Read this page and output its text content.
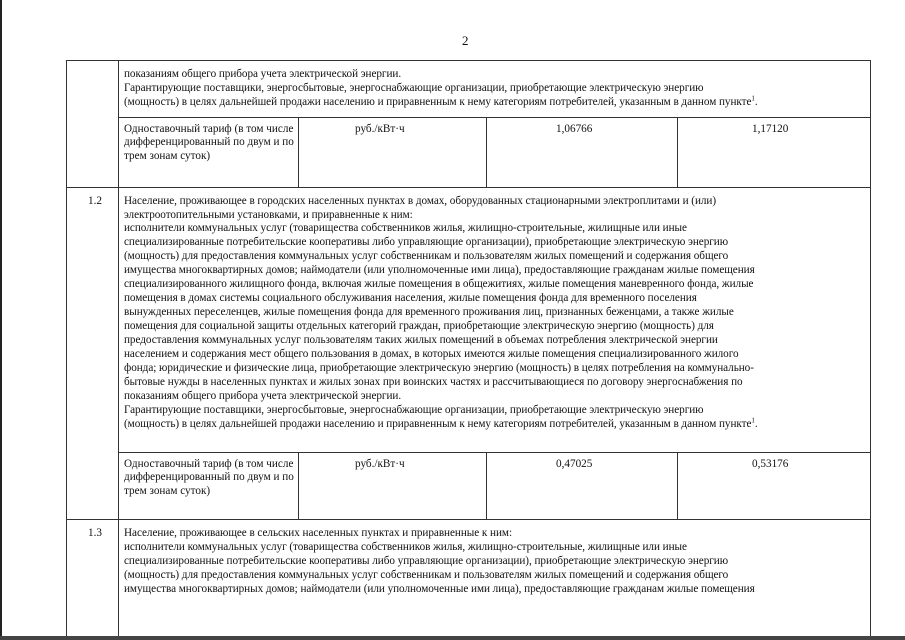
2
показаниям общего прибора учета электрической энергии.
Гарантирующие поставщики, энергосбытовые, энергоснабжающие организации, приобретающие электрическую энергию
(мощность) в целях дальнейшей продажи населению и приравненным к нему категориям потребителей, указанным в данном пункте$^1$.
Одноставочный тариф (в том числе дифференцированный по двум и по трем зонам суток)
руб./кВт·ч	1,06766	1,17120
1.2 Население, проживающее в городских населенных пунктах в домах, оборудованных стационарными электроплитами и (или)
электроотопительными установками, и приравненные к ним:
исполнители коммунальных услуг (товарищества собственников жилья, жилищно-строительные, жилищные или иные
специализированные потребительские кооперативы либо управляющие организации), приобретающие электрическую энергию
(мощность) для предоставления коммунальных услуг собственникам и пользователям жилых помещений и содержания общего
имущества многоквартирных домов; наймодатели (или уполномоченные ими лица), предоставляющие гражданам жилые помещения
специализированного жилищного фонда, включая жилые помещения в общежитиях, жилые помещения маневренного фонда, жилые
помещения в домах системы социального обслуживания населения, жилые помещения фонда для временного поселения
вынужденных переселенцев, жилые помещения фонда для временного проживания лиц, признанных беженцами, а также жилые
помещения для социальной защиты отдельных категорий граждан, приобретающие электрическую энергию (мощность) для
предоставления коммунальных услуг пользователям таких жилых помещений в объемах потребления электрической энергии
населением и содержания мест общего пользования в домах, в которых имеются жилые помещения специализированного жилого
фонда; юридические и физические лица, приобретающие электрическую энергию (мощность) в целях потребления на коммунально-
бытовые нужды в населенных пунктах и жилых зонах при воинских частях и рассчитывающиеся по договору энергоснабжения по
показаниям общего прибора учета электрической энергии.
Гарантирующие поставщики, энергосбытовые, энергоснабжающие организации, приобретающие электрическую энергию
(мощность) в целях дальнейшей продажи населению и приравненным к нему категориям потребителей, указанным в данном пункте$^1$.
Одноставочный тариф (в том числе дифференцированный по двум и по трем зонам суток)
руб./кВт·ч	0,47025	0,53176
1.3 Население, проживающее в сельских населенных пунктах и приравненные к ним:
исполнители коммунальных услуг (товарищества собственников жилья, жилищно-строительные, жилищные или иные
специализированные потребительские кооперативы либо управляющие организации), приобретающие электрическую энергию
(мощность) для предоставления коммунальных услуг собственникам и пользователям жилых помещений и содержания общего
имущества многоквартирных домов; наймодатели (или уполномоченные ими лица), предоставляющие гражданам жилые помещения
